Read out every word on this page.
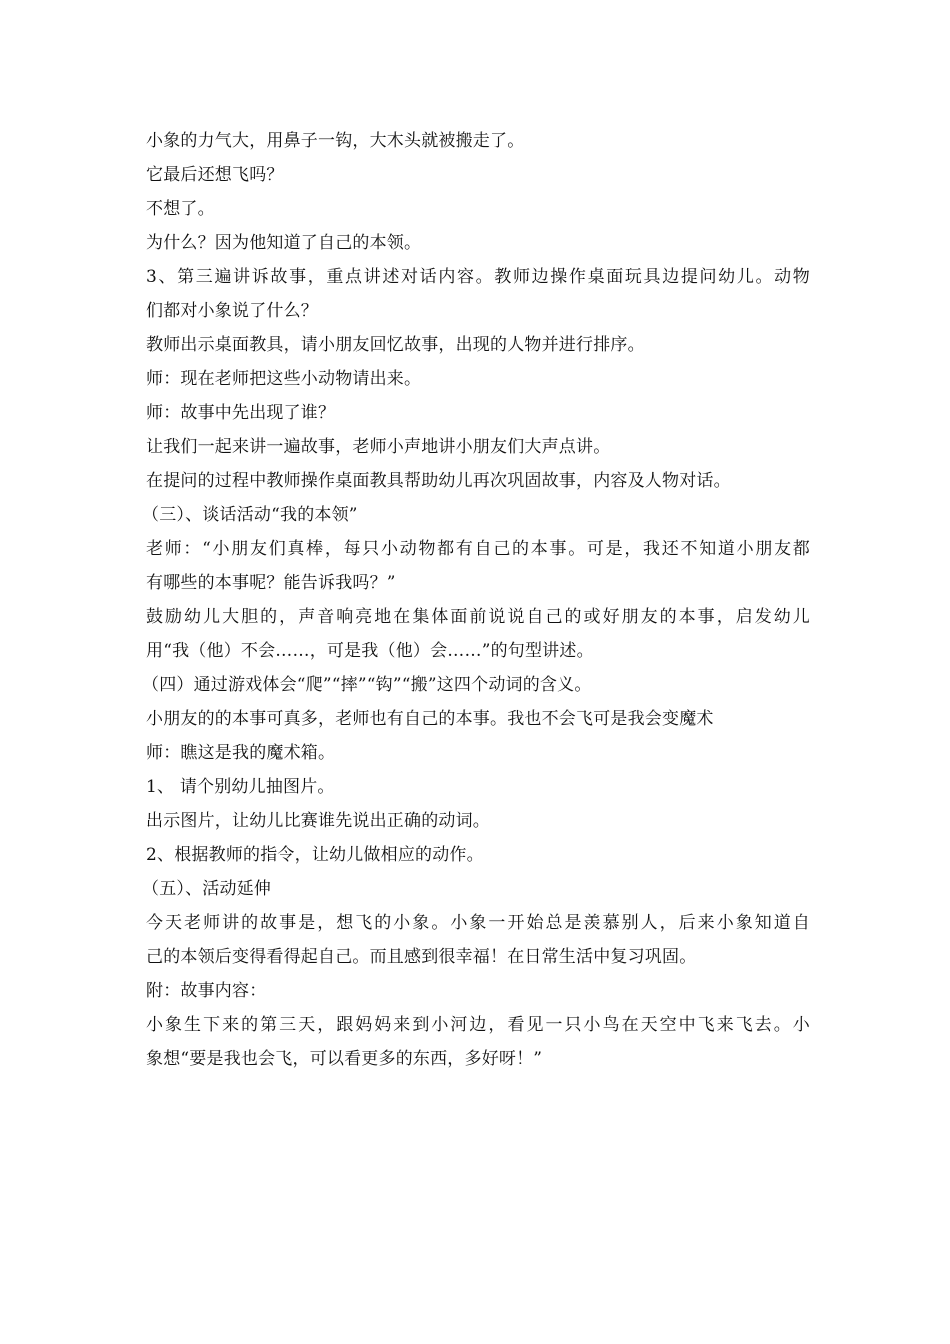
小象的力气大，用鼻子一钩，大木头就被搬走了。
它最后还想飞吗？
不想了。
为什么？因为他知道了自己的本领。
3、第三遍讲诉故事，重点讲述对话内容。教师边操作桌面玩具边提问幼儿。动物
们都对小象说了什么？
教师出示桌面教具，请小朋友回忆故事，出现的人物并进行排序。
师：现在老师把这些小动物请出来。
师：故事中先出现了谁？
让我们一起来讲一遍故事，老师小声地讲小朋友们大声点讲。
在提问的过程中教师操作桌面教具帮助幼儿再次巩固故事，内容及人物对话。
（三）、谈话活动“我的本领”
老师：“小朋友们真棒，每只小动物都有自己的本事。可是，我还不知道小朋友都
有哪些的本事呢？能告诉我吗？”
鼓励幼儿大胆的，声音响亮地在集体面前说说自己的或好朋友的本事，启发幼儿
用“我（他）不会……，可是我（他）会……”的句型讲述。
（四）通过游戏体会“爬”“摔”“钩”“搬”这四个动词的含义。
小朋友的的本事可真多，老师也有自己的本事。我也不会飞可是我会变魔术
师：瞧这是我的魔术箱。
1、 请个别幼儿抽图片。
出示图片，让幼儿比赛谁先说出正确的动词。
2、根据教师的指令，让幼儿做相应的动作。
（五）、活动延伸
今天老师讲的故事是，想飞的小象。小象一开始总是羡慕别人，后来小象知道自
己的本领后变得看得起自己。而且感到很幸福！在日常生活中复习巩固。
附：故事内容：
小象生下来的第三天，跟妈妈来到小河边，看见一只小鸟在天空中飞来飞去。小
象想“要是我也会飞，可以看更多的东西，多好呀！”
